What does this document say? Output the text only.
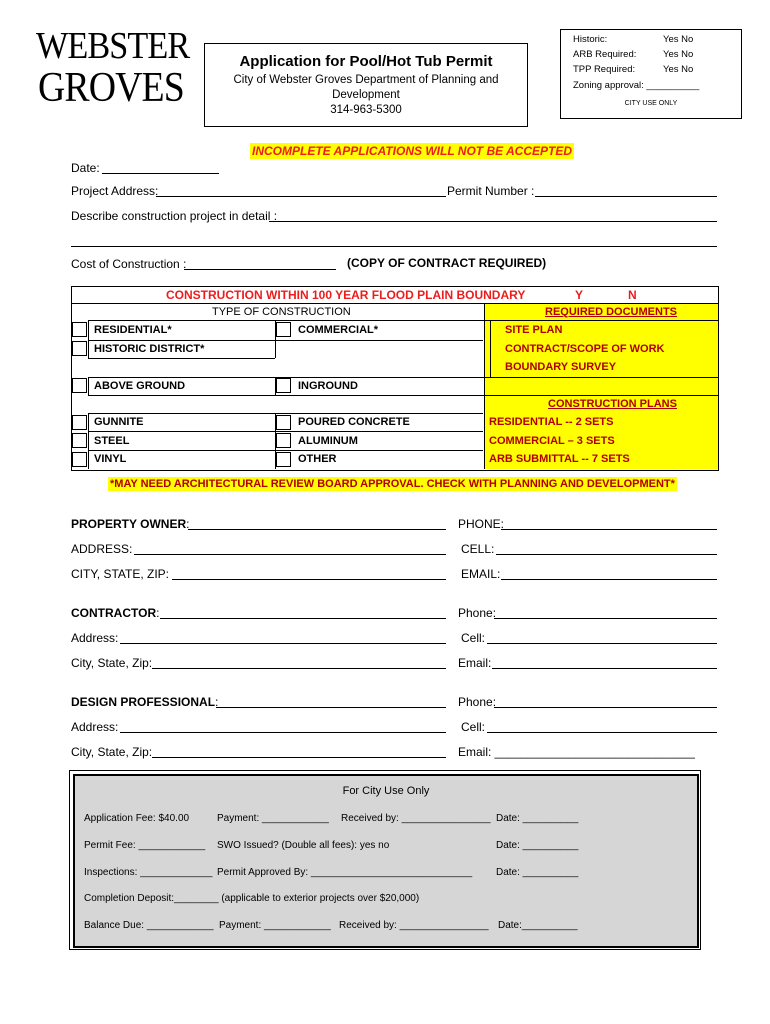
WEBSTER
GROVES
Application for Pool/Hot Tub Permit
City of Webster Groves Department of Planning and
Development
314-963-5300
Historic:	Yes No
ARB Required:	Yes No
TPP Required:	Yes No
Zoning approval: __________
CITY USE ONLY
INCOMPLETE APPLICATIONS WILL NOT BE ACCEPTED
Date:
Project Address:	Permit Number :
Describe construction project in detail :
Cost of Construction :	(COPY OF CONTRACT REQUIRED)
CONSTRUCTION WITHIN 100 YEAR FLOOD PLAIN BOUNDARY	Y	N
TYPE OF CONSTRUCTION	REQUIRED DOCUMENTS
RESIDENTIAL*	COMMERCIAL*
HISTORIC DISTRICT*
ABOVE GROUND	INGROUND
GUNNITE	POURED CONCRETE
STEEL	ALUMINUM
VINYL	OTHER
SITE PLAN
CONTRACT/SCOPE OF WORK
BOUNDARY SURVEY
CONSTRUCTION PLANS
RESIDENTIAL -- 2 SETS
COMMERCIAL – 3 SETS
ARB SUBMITTAL -- 7 SETS
*MAY NEED ARCHITECTURAL REVIEW BOARD APPROVAL. CHECK WITH PLANNING AND DEVELOPMENT*
PROPERTY OWNER:
ADDRESS:
CITY, STATE, ZIP:
PHONE:
CELL:
EMAIL:
CONTRACTOR:
Address:
City, State, Zip:
Phone:
Cell:
Email:
DESIGN PROFESSIONAL:
Address:
City, State, Zip:
Phone:
Cell:
Email: ______________________________
For City Use Only
Application Fee: $40.00	Payment: ____________ Received by: ________________ Date: __________
Permit Fee: ____________ SWO Issued? (Double all fees): yes no	Date: __________
Inspections: _____________ Permit Approved By: _____________________________ Date: __________
Completion Deposit:________ (applicable to exterior projects over $20,000)
Balance Due: ____________ Payment: ____________ Received by: ________________ Date:__________
